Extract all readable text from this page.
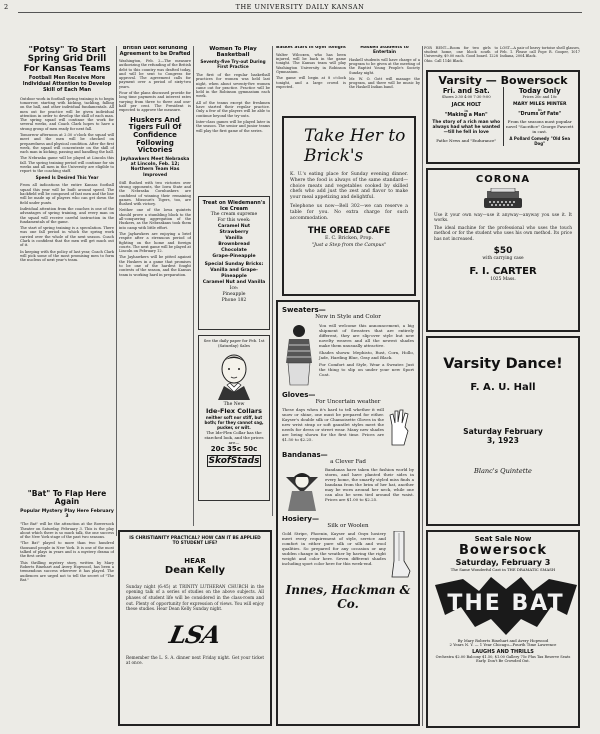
2	THE UNIVERSITY DAILY KANSAN
"Potsy" To Start Spring Grid Drill For Kansas Teams
Football Men Receive More Individual Attention to Develop Skill of Each Man

Outdoor work in football spring training is to begin tomorrow, starting with kicking, tackling, falling on the ball, and other individual fundamentals. All men out for practice will be given individual attention in order to develop the skill of each man. The spring squad will continue the work for several weeks, and Coach Clark hopes to have a strong group of men ready for next fall.

Tomorrow afternoon at 2:30 o'clock the squad will meet and the men will be checked on preparedness and physical condition. After the first week, the squad will concentrate on the skill of each man in kicking, passing and handling the ball.

The Nebraska game will be played at Lincoln this fall. The spring training period will continue for six weeks and all men in the University are eligible to report to the coaching staff.

Speed Is Desired This Year

From all indications the entire Kansas football squad this year will be built around speed. The backfield will be composed of fast men and the line will be made up of players who can get down the field under punts.

Individual attention from the coaches is one of the advantages of spring training, and every man on the squad will receive careful instruction in the fundamentals of the game.

The start of spring training is a speculation. There was one fall period in which the spring work carried over the whole of the next season. Coach Clark is confident that the men will get much out of it.

In keeping with the policy of last year, Coach Clark will pick some of the most promising men to form the nucleus of next year's team.

"Bat" To Flap Here Again
Popular Mystery Play Here February 3

"The Bat" will be the attraction at the Bowersock Theater on Saturday, February 3. This is the play about which there is so much talk, the one success of the New York stage of the past two seasons.

"The Bat" played to more than two hundred thousand people in New York. It is one of the most talked of plays in years and is a mystery drama of the first order.

This thrilling mystery story, written by Mary Roberts Rinehart and Avery Hopwood, has been a tremendous success wherever it has played. The audiences are urged not to tell the secret of "The Bat."

British Debt Refunding Agreement to be Drafted

Washington, Feb. 2—The measure authorizing the refunding of the British debt to this country was drafted today, and will be sent to Congress for approval. The agreement calls for payment over a period of sixty-two years.

Four of the plans discussed provide for long time payments and interest rates varying from three to three and one-half per cent. The President is expected to approve the measure.

Huskers And Tigers Full Of Confidence Following Victories
Jayhawkers Meet Nebraska at Lincoln, Feb. 12; Northern Team Has Improved

Still flushed with two victories over strong opponents, the Iowa State and the Nebraska Cornhuskers are confident of winning their remaining games. Missouri's Tigers, too, are flushed with victory.

Neither one of the Iowa quintets should prove a stumbling block to the all-conquering aggregation of the Huskers, as the Nebraskans took them into camp with little effort.

The Jayhawkers are enjoying a brief respite after a strenuous period of fighting on the home and foreign courts. The next game will be played at Lincoln on February 12.

The Jayhawkers will be pitted against the Huskers in a game that promises to be one of the hardest fought contests of the season, and the Kansas team is working hard in preparation.

Women To Play Basketball
Seventy-five Try-out During First Practice

The first of the regular basketball practices for women was held last night, when about seventy-five women came out for practice. Practice will be held in the Robinson gymnasium each week.

All of the teams except the freshmen have started their regular practice. Only a few of the players will be able to continue beyond the try-outs.

Inter-class games will be played later in the season. The senior and junior teams will play the first game of the series.

Treat on Wiedemann's Ice Cream
The cream supreme
For this week:
Caramel Nut
Strawberry
Vanilla
Brownbread
Chocolate
Grape-Pineapple
Special Sunday Bricks:
Vanilla and Grape-Pineapple
Caramel Nut and Vanilla
Ice:
Pineapple
Phone 182
See the daily paper for Feb. 1st (Saturday) Sales
The New
Ide-Flex Collars
neither soft nor stiff, but both; for they cannot sag, pucker, or wilt.
The Ide-Flex Collar has the starched look, and the prices are—
20c 35c 50c
SkofStads
Basket Stars in Gym Tonight

Walter Wilcoxen, who has been injured, will be back in the game tonight. The Kansas team will play Washington University in Robinson Gymnasium.

The game will begin at 8 o'clock tonight, and a large crowd is expected.

Haskell Students to Entertain

Haskell students will have charge of a program to be given at the meeting of the Baptist Young People's Society Sunday night.

Mr. W. O. Gott will manage the program, and there will be music by the Haskell Indian band.

Take Her to Brick's
K. U.'s eating place for Sunday evening dinner. Where the food is always of the same standard—choice meats and vegetables cooked by skilled chefs who add just the zest and flavor to make your meal appetizing and delightful.
Telephone us now—Bell 302—we can reserve a table for you. No extra charge for such accommodation.
THE OREAD CAFE
E. C. Bricken, Prop.
"Just a Step from the Campus"
FOR RENT—Room for two girls to student home, one block south of University, $9.00 each. Good board. 1228 Ohio. Call 1146 Black.
LOST—A pair of heavy tortoise shell glasses, Feb. 1. Please call Pope R. Gooper, 1017 Indiana, 2004 Black.
Varsity — Bowersock
Fri. and Sat.
Shows 2:30 4:00 7:30 9:00
JACK HOLT
in
"Making a Man"
The story of a rich man who always had what he wanted —till he fell in love
Pathe News and "Endurance"
Today Only
Prices 20c and 10c
MARY MILES MINTER
in
"Drums of Fate"
From the seasons most popular novel "Sacrifice" George Fawcett in cast.
A Pollard Comedy "Old Sea Dog"
CORONA
Use it your own way—use it anyway—anyway you use it. It works.
The ideal machine for the professional who uses the touch method or for the student who uses his own method. Its price has not increased.
$50
with carrying case
F. I. CARTER
1025 Mass.
Varsity Dance!
F. A. U. Hall
Saturday February 3, 1923
Blanc's Quintette
Seat Sale Now
Bowersock
Saturday, February 3
The Same Wonderful Cast in THE DRAMATIC SMASH
THE BAT
By Mary Roberts Rinehart and Avery Hopwood
2 Years N. Y. — 1 Year Chicago—Fourth Time Lawrence
LAUGHS AND THRILLS
Orchestra $2.00 Balcony $1.50, $1.00 Gallery 75c Plus Tax Reserve Seats Early. Don't Be Crowded Out.
IS CHRISTIANITY PRACTICAL? HOW CAN IT BE APPLIED TO STUDENT LIFE?
HEAR
Dean Kelly
Sunday night (6:45) at TRINITY LUTHERAN CHURCH in the opening talk of a series of studies on the above subjects. All phases of student life will be considered in the class-room and out. Plenty of opportunity for expression of views. You will enjoy these studies. Hear Dean Kelly Sunday night.
LSA
Remember the L. S. A. dinner next Friday night. Get your ticket at once.
Sweaters—
New in Style and Color
You will welcome this announcement, a big shipment of Sweaters that are entirely different, they are slip-over style but new novelty weaves and all the newest shades make them unusually attractive.
Shades shown: Mephisto, Rust, Corn, Hollo, Jade, Harding Blue, Gray and Black.
For Comfort and Style, Wear a Sweater. Just the thing to slip on under your new Sport Coat.
Gloves—
For Uncertain weather
These days when it's hard to tell whether it will snow or shine, one must be prepared for either. Kayser's double silk or Chamoisette Gloves in the new wrist strap or soft gauntlet styles meet the needs for dress or street wear. Many new shades are being shown for the first time. Prices are $1.50 to $2.25.
Bandanas—
a Clever Fad
Bandanas have taken the fashion world by storm, and have planted their sides in every home, the smartly styled miss finds a bandana from the brim of her hat, another may be worn around her neck, while one can also be seen tied around the waist. Prices are $1.00 to $2.25.
Hosiery—
Silk or Woolen
Gold Stripe, Phoenix, Kayser and Onyx hosiery meet every requirement of style, service and comfort in either pure silk or silk and wool qualities. So prepared for any occasion or any sudden change in the weather by having the right weight and color here. Seven different shades including sport color here for this week-end.
Innes, Hackman & Co.
